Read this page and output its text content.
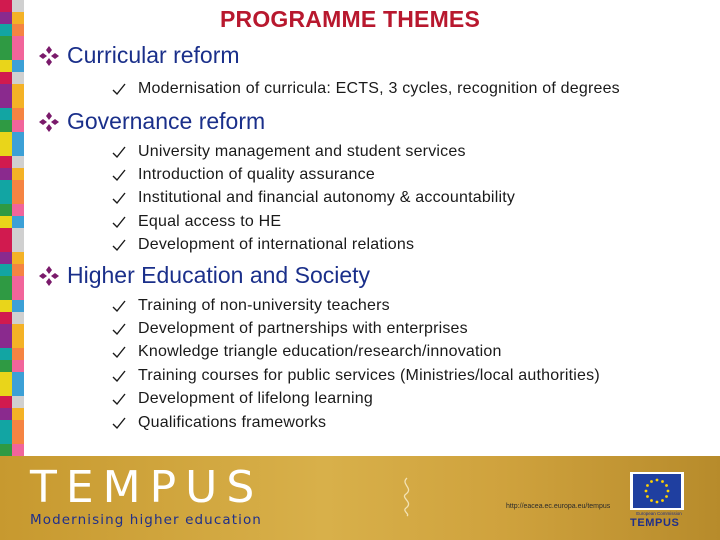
PROGRAMME THEMES
Curricular reform
Modernisation of curricula: ECTS, 3 cycles, recognition of degrees
Governance reform
University management and student services
Introduction of quality assurance
Institutional and financial autonomy & accountability
Equal access to HE
Development of international relations
Higher Education and Society
Training of non-university teachers
Development of partnerships with enterprises
Knowledge triangle education/research/innovation
Training courses for public services (Ministries/local authorities)
Development of lifelong learning
Qualifications frameworks
TEMPUS
Modernising higher education
http://eacea.ec.europa.eu/tempus
European Commission
TEMPUS
